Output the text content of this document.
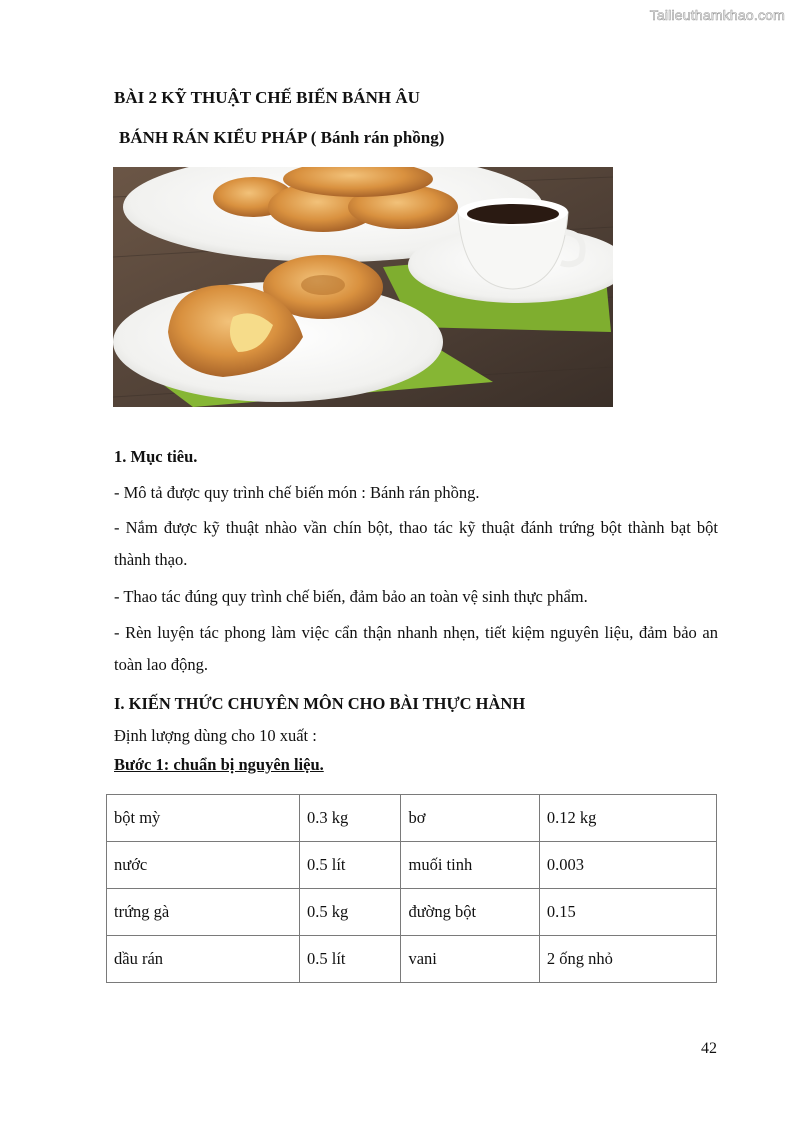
Tailieuthamkhao.com
BÀI 2 KỸ THUẬT CHẾ BIẾN BÁNH ÂU
BÁNH RÁN KIỂU PHÁP ( Bánh rán phồng)
1. Mục tiêu.
- Mô tả được quy trình chế biến món : Bánh rán phồng.
- Nắm được kỹ thuật nhào vần chín bột, thao tác kỹ thuật đánh trứng bột thành bạt bột thành thạo.
- Thao tác đúng quy trình chế biến, đảm bảo an toàn vệ sinh thực phẩm.
- Rèn luyện tác phong làm việc cẩn thận nhanh nhẹn, tiết kiệm nguyên liệu, đảm bảo an toàn lao động.
I. KIẾN THỨC CHUYÊN MÔN CHO BÀI THỰC HÀNH
Định lượng dùng cho 10 xuất :
Bước 1: chuẩn bị nguyên liệu.
bột mỳ	0.3 kg	bơ	0.12 kg
nước	0.5 lít	muối tinh	0.003
trứng gà	0.5 kg	đường bột	0.15
dầu rán	0.5 lít	vani	2 ống nhỏ
42
